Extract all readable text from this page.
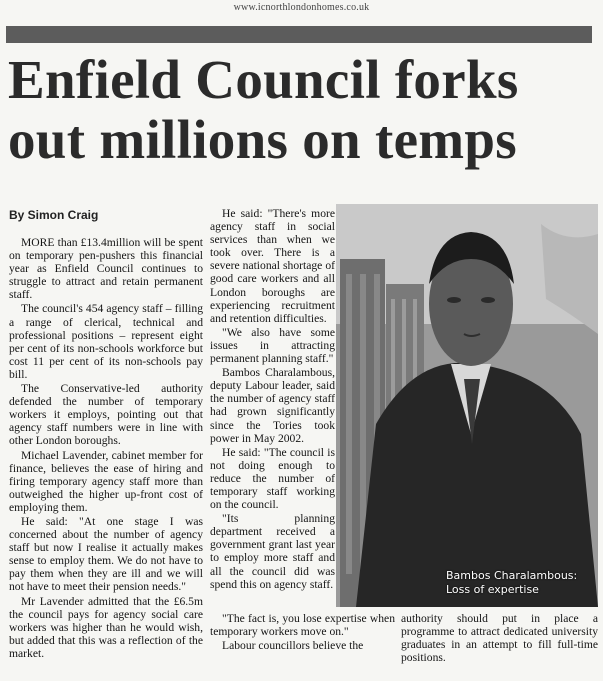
www.icnorthlondonhomes.co.uk
Enfield Council forks
out millions on temps
By Simon Craig

MORE than £13.4million will be spent on temporary pen-pushers this financial year as Enfield Council continues to struggle to attract and retain permanent staff.

The council's 454 agency staff – filling a range of clerical, technical and professional positions – represent eight per cent of its non-schools workforce but cost 11 per cent of its non-schools pay bill.

The Conservative-led authority defended the number of temporary workers it employs, pointing out that agency staff numbers were in line with other London boroughs.

Michael Lavender, cabinet member for finance, believes the ease of hiring and firing temporary agency staff more than outweighed the higher up-front cost of employing them.

He said: "At one stage I was concerned about the number of agency staff but now I realise it actually makes sense to employ them. We do not have to pay them when they are ill and we will not have to meet their pension needs."

Mr Lavender admitted that the £6.5m the council pays for agency social care workers was higher than he would wish, but added that this was a reflection of the market.

He said: "There's more agency staff in social services than when we took over. There is a severe national shortage of good care workers and all London boroughs are experiencing recruitment and retention difficulties.

"We also have some issues in attracting permanent planning staff."

Bambos Charalambous, deputy Labour leader, said the number of agency staff had grown significantly since the Tories took power in May 2002.

He said: "The council is not doing enough to reduce the number of temporary staff working on the council.

"Its planning department received a government grant last year to employ more staff and all the council did was spend this on agency staff.

Bambos Charalambous:
Loss of expertise

"The fact is, you lose expertise when temporary workers move on."

Labour councillors believe the

authority should put in place a programme to attract dedicated university graduates in an attempt to fill full-time positions.
